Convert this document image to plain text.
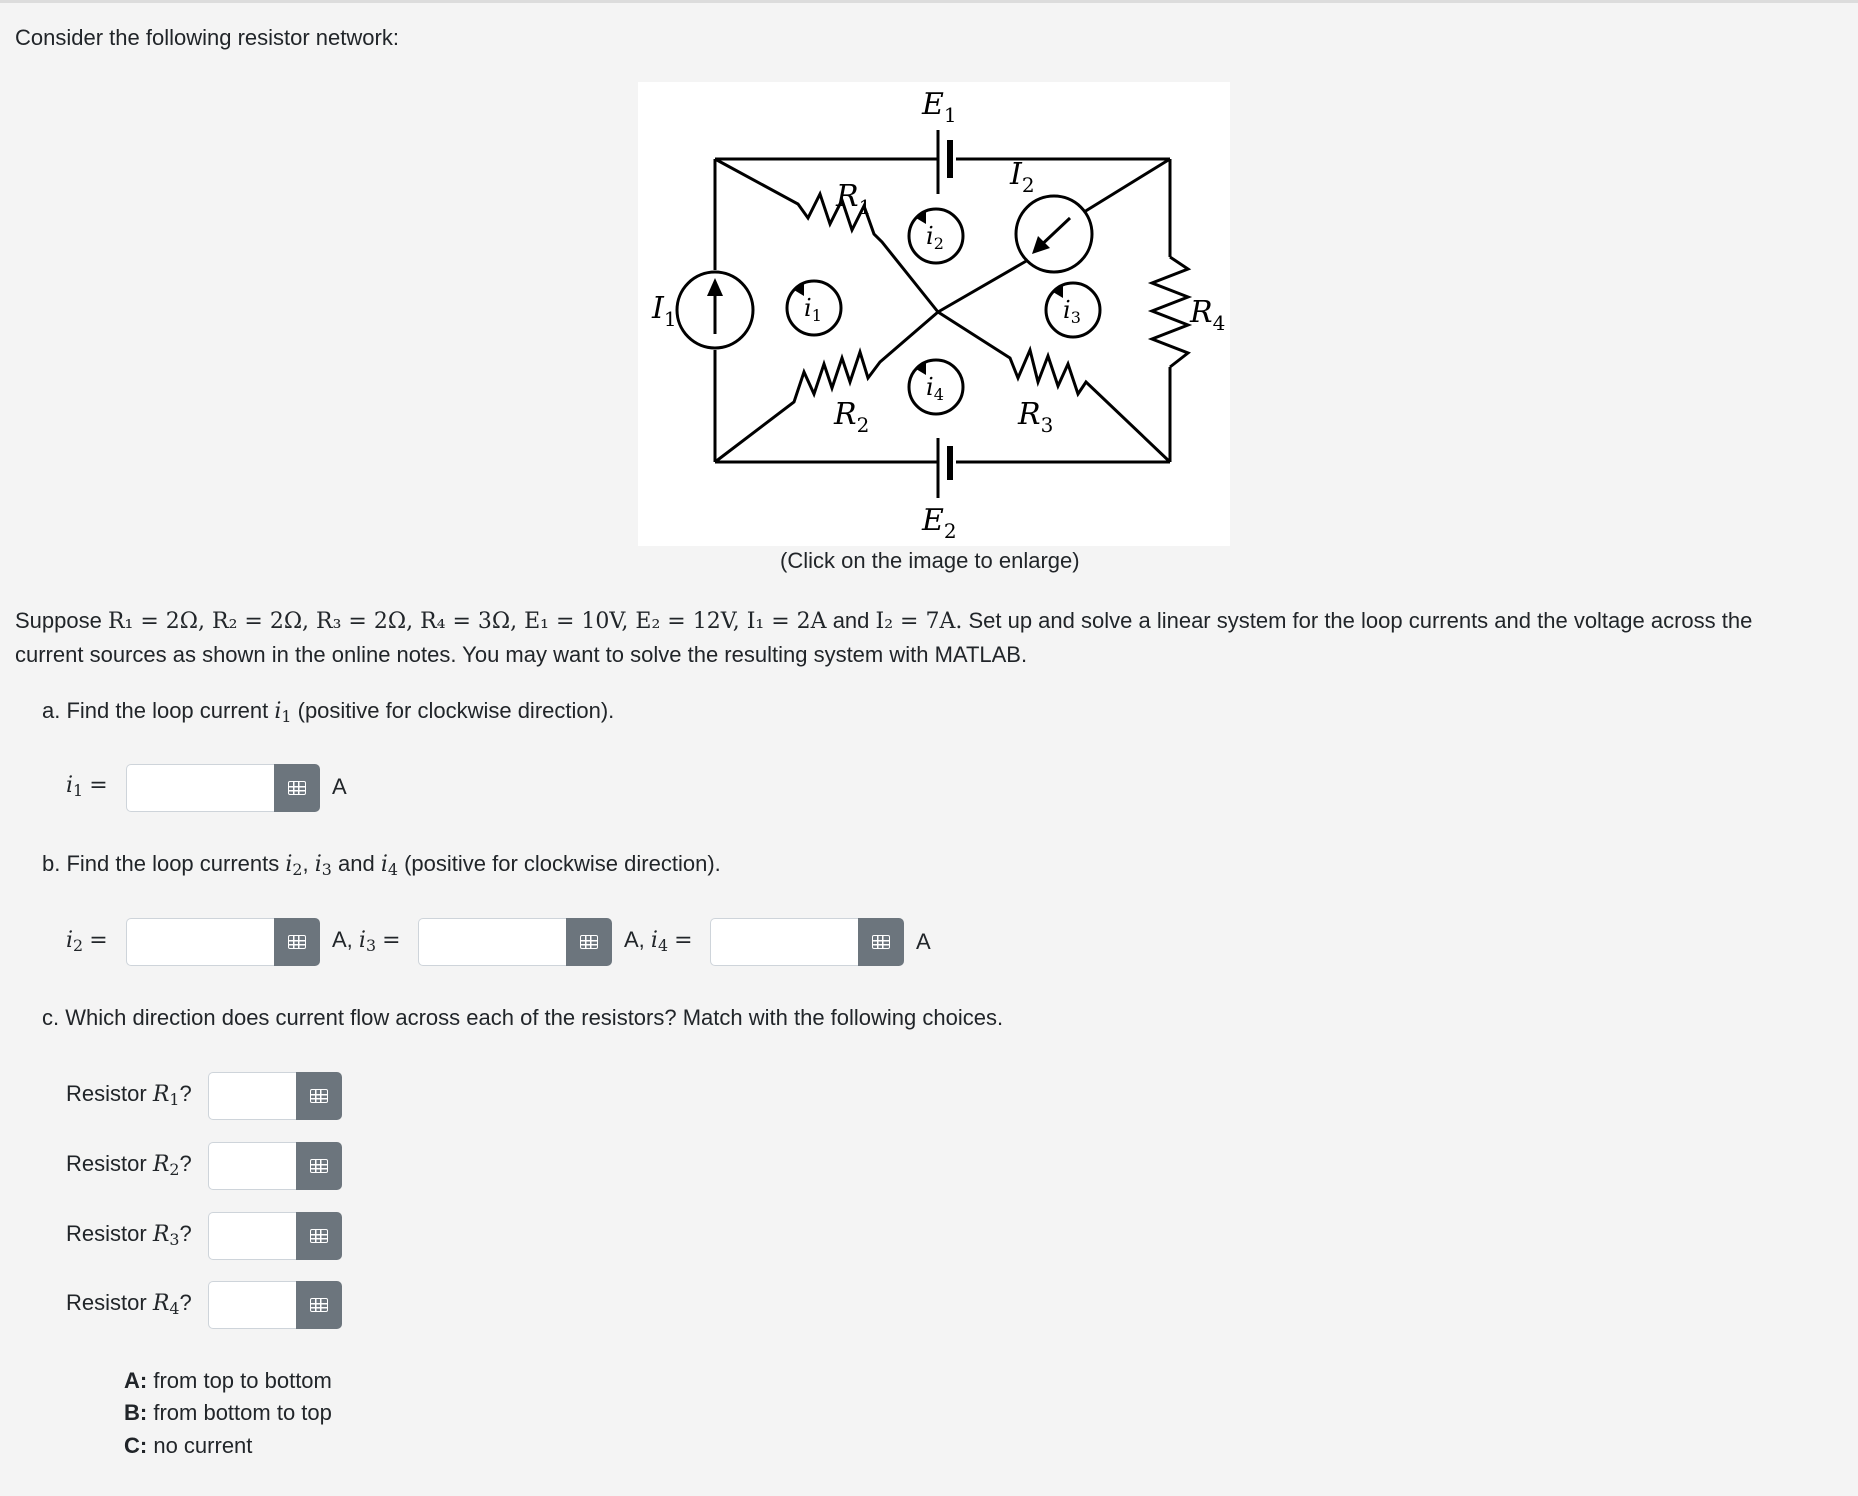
Consider the following resistor network:
$E_1$
$E_2$
$I_1$
$I_2$
$R_1$
$R_2$	$R_3$
$R_4$
$i_1$
$i_2$
$i_3$
$i_4$
(Click on the image to enlarge)
Suppose R₁ = 2Ω, R₂ = 2Ω, R₃ = 2Ω, R₄ = 3Ω, E₁ = 10V, E₂ = 12V, I₁ = 2A and I₂ = 7A. Set up and solve a linear system for the loop currents and the voltage across the
current sources as shown in the online notes. You may want to solve the resulting system with MATLAB.
a. Find the loop current $i_1$ (positive for clockwise direction).
$i_1$ =	A
b. Find the loop currents $i_2$, $i_3$ and $i_4$ (positive for clockwise direction).
$i_2$ =	A, $i_3$ =	A, $i_4$ =	A
c. Which direction does current flow across each of the resistors? Match with the following choices.
Resistor $R_1$?
Resistor $R_2$?
Resistor $R_3$?
Resistor $R_4$?
A: from top to bottom
B: from bottom to top
C: no current
